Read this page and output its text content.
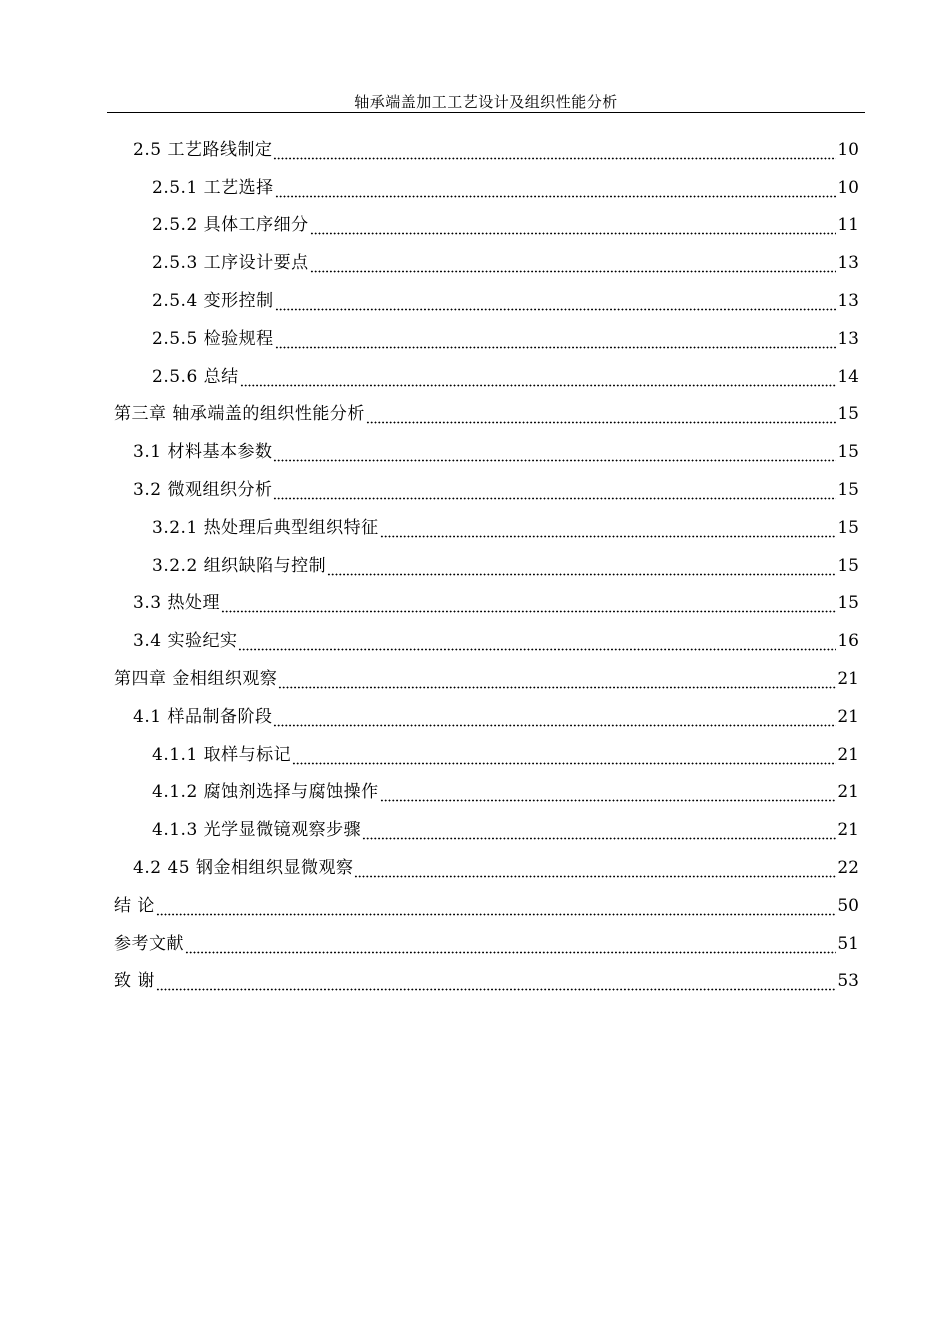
轴承端盖加工工艺设计及组织性能分析
2.5 工艺路线制定	10
2.5.1 工艺选择	10
2.5.2 具体工序细分	11
2.5.3 工序设计要点	13
2.5.4 变形控制	13
2.5.5 检验规程	13
2.5.6 总结	14
第三章 轴承端盖的组织性能分析	15
3.1 材料基本参数	15
3.2 微观组织分析	15
3.2.1 热处理后典型组织特征	15
3.2.2 组织缺陷与控制	15
3.3 热处理	15
3.4 实验纪实	16
第四章 金相组织观察	21
4.1 样品制备阶段	21
4.1.1 取样与标记	21
4.1.2 腐蚀剂选择与腐蚀操作	21
4.1.3 光学显微镜观察步骤	21
4.2 45 钢金相组织显微观察	22
结 论	50
参考文献	51
致 谢	53
